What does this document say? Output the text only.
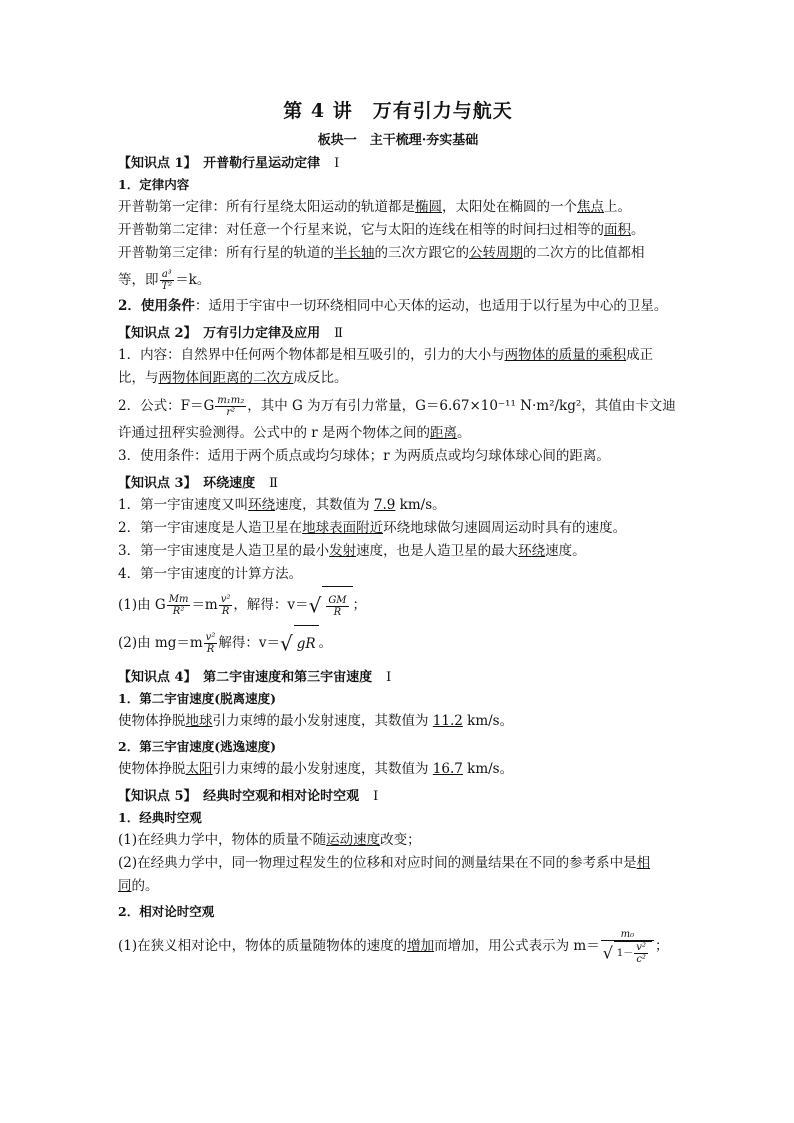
第 4 讲　万有引力与航天
板块一　主干梳理·夯实基础
【知识点 1】　开普勒行星运动定律 Ⅰ
1．定律内容

开普勒第一定律：所有行星绕太阳运动的轨道都是椭圆，太阳处在椭圆的一个焦点上。

开普勒第二定律：对任意一个行星来说，它与太阳的连线在相等的时间扫过相等的面积。

开普勒第三定律：所有行星的轨道的半长轴的三次方跟它的公转周期的二次方的比值都相

等，即 $\frac{\text{a³}}{\text{T²}} =k$。

2．使用条件：适用于宇宙中一切环绕相同中心天体的运动，也适用于以行星为中心的卫星。

【知识点 2】　万有引力定律及应用 Ⅱ

1．内容：自然界中任何两个物体都是相互吸引的，引力的大小与两物体的质量的乘积成正

比，与两物体间距离的二次方成反比。

2．公式：$F=G \frac{\text{m₁m₂}}{\text{r²}}$ ，其中 G 为万有引力常量，G＝6.67×10⁻¹¹ N·m²/kg²，其值由卡文迪

许通过扭秤实验测得。公式中的 r 是两个物体之间的距离。

3．使用条件：适用于两个质点或均匀球体；r 为两质点或均匀球体球心间的距离。

【知识点 3】　环绕速度 Ⅱ

1．第一宇宙速度又叫环绕速度，其数值为 7.9 km/s。

2．第一宇宙速度是人造卫星在地球表面附近环绕地球做匀速圆周运动时具有的速度。

3．第一宇宙速度是人造卫星的最小发射速度，也是人造卫星的最大环绕速度。

4．第一宇宙速度的计算方法。

(1)由 G $\frac{Mm}{\text{R²}} =m \frac{\text{v²}}{R}$ ，解得：$v=√ \frac{GM}{R}$ ；

(2)由 $mg=m \frac{\text{v²}}{R}$ 解得：v＝√ gR 。

【知识点 4】　第二宇宙速度和第三宇宙速度 Ⅰ
1．第二宇宙速度(脱离速度)

使物体挣脱地球引力束缚的最小发射速度，其数值为 11.2 km/s。

2．第三宇宙速度(逃逸速度)

使物体挣脱太阳引力束缚的最小发射速度，其数值为 16.7 km/s。

【知识点 5】　经典时空观和相对论时空观 Ⅰ
1．经典时空观

(1)在经典力学中，物体的质量不随运动速度改变；

(2)在经典力学中，同一物理过程发生的位移和对应时间的测量结果在不同的参考系中是相

同的。

2．相对论时空观

(1)在狭义相对论中，物体的质量随物体的速度的增加而增加，用公式表示为 $m= \frac{\text{m₀}}{√ 1- \frac{\text{v²}}{\text{c²}}}$ ；
